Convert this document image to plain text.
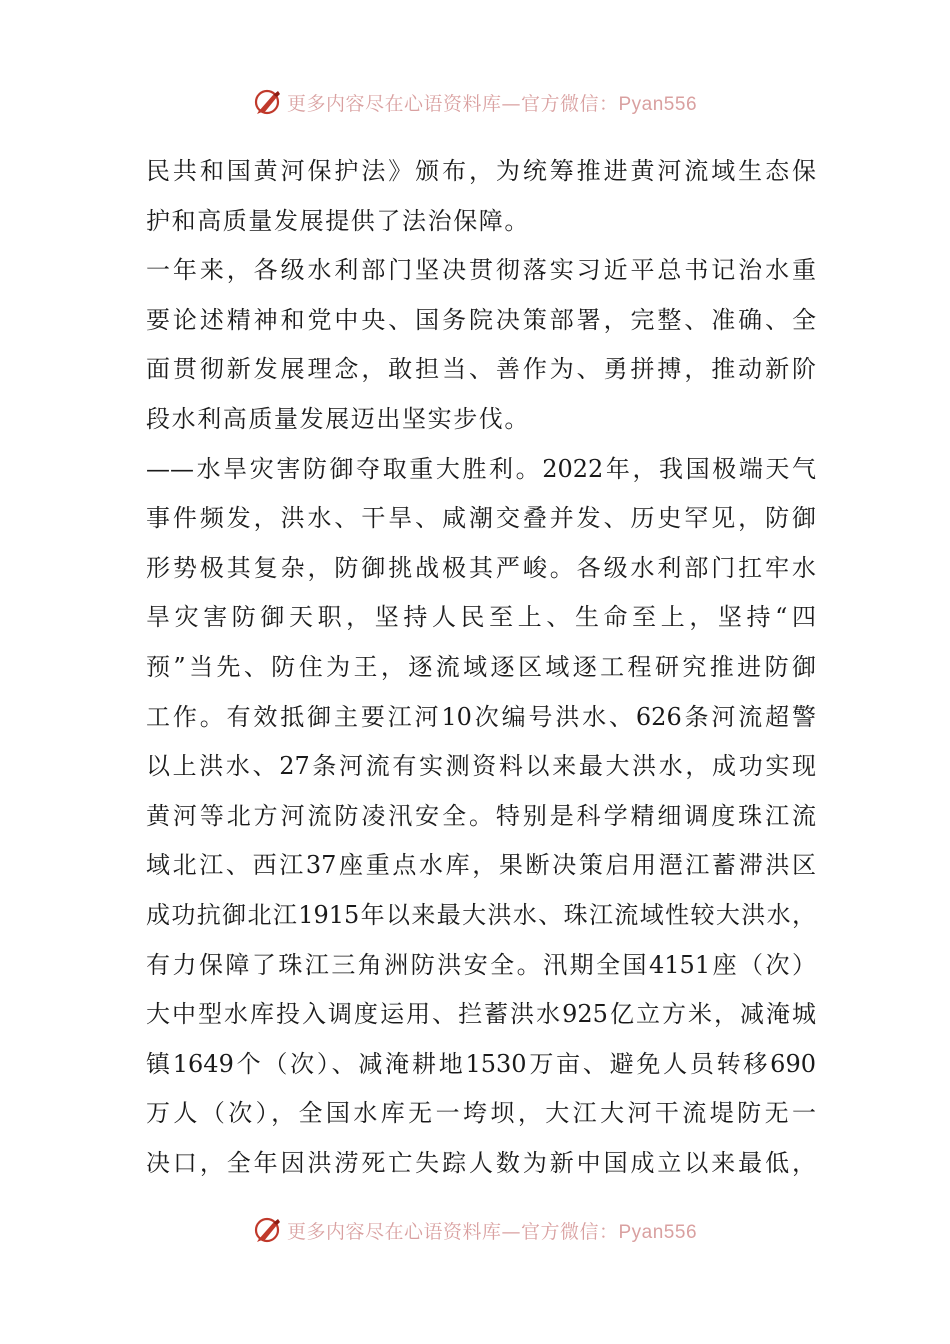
更多内容尽在心语资料库—官方微信：Pyan556
民共和国黄河保护法》颁布，为统筹推进黄河流域生态保
护和高质量发展提供了法治保障。
一年来，各级水利部门坚决贯彻落实习近平总书记治水重
要论述精神和党中央、国务院决策部署，完整、准确、全
面贯彻新发展理念，敢担当、善作为、勇拼搏，推动新阶
段水利高质量发展迈出坚实步伐。
——水旱灾害防御夺取重大胜利。2022年，我国极端天气
事件频发，洪水、干旱、咸潮交叠并发、历史罕见，防御
形势极其复杂，防御挑战极其严峻。各级水利部门扛牢水
旱灾害防御天职，坚持人民至上、生命至上，坚持“四
预”当先、防住为王，逐流域逐区域逐工程研究推进防御
工作。有效抵御主要江河10次编号洪水、626条河流超警
以上洪水、27条河流有实测资料以来最大洪水，成功实现
黄河等北方河流防凌汛安全。特别是科学精细调度珠江流
域北江、西江37座重点水库，果断决策启用潖江蓄滞洪区
成功抗御北江1915年以来最大洪水、珠江流域性较大洪水，
有力保障了珠江三角洲防洪安全。汛期全国4151座（次）
大中型水库投入调度运用、拦蓄洪水925亿立方米，减淹城
镇1649个（次）、减淹耕地1530万亩、避免人员转移690
万人（次），全国水库无一垮坝，大江大河干流堤防无一
决口，全年因洪涝死亡失踪人数为新中国成立以来最低，
更多内容尽在心语资料库—官方微信：Pyan556
